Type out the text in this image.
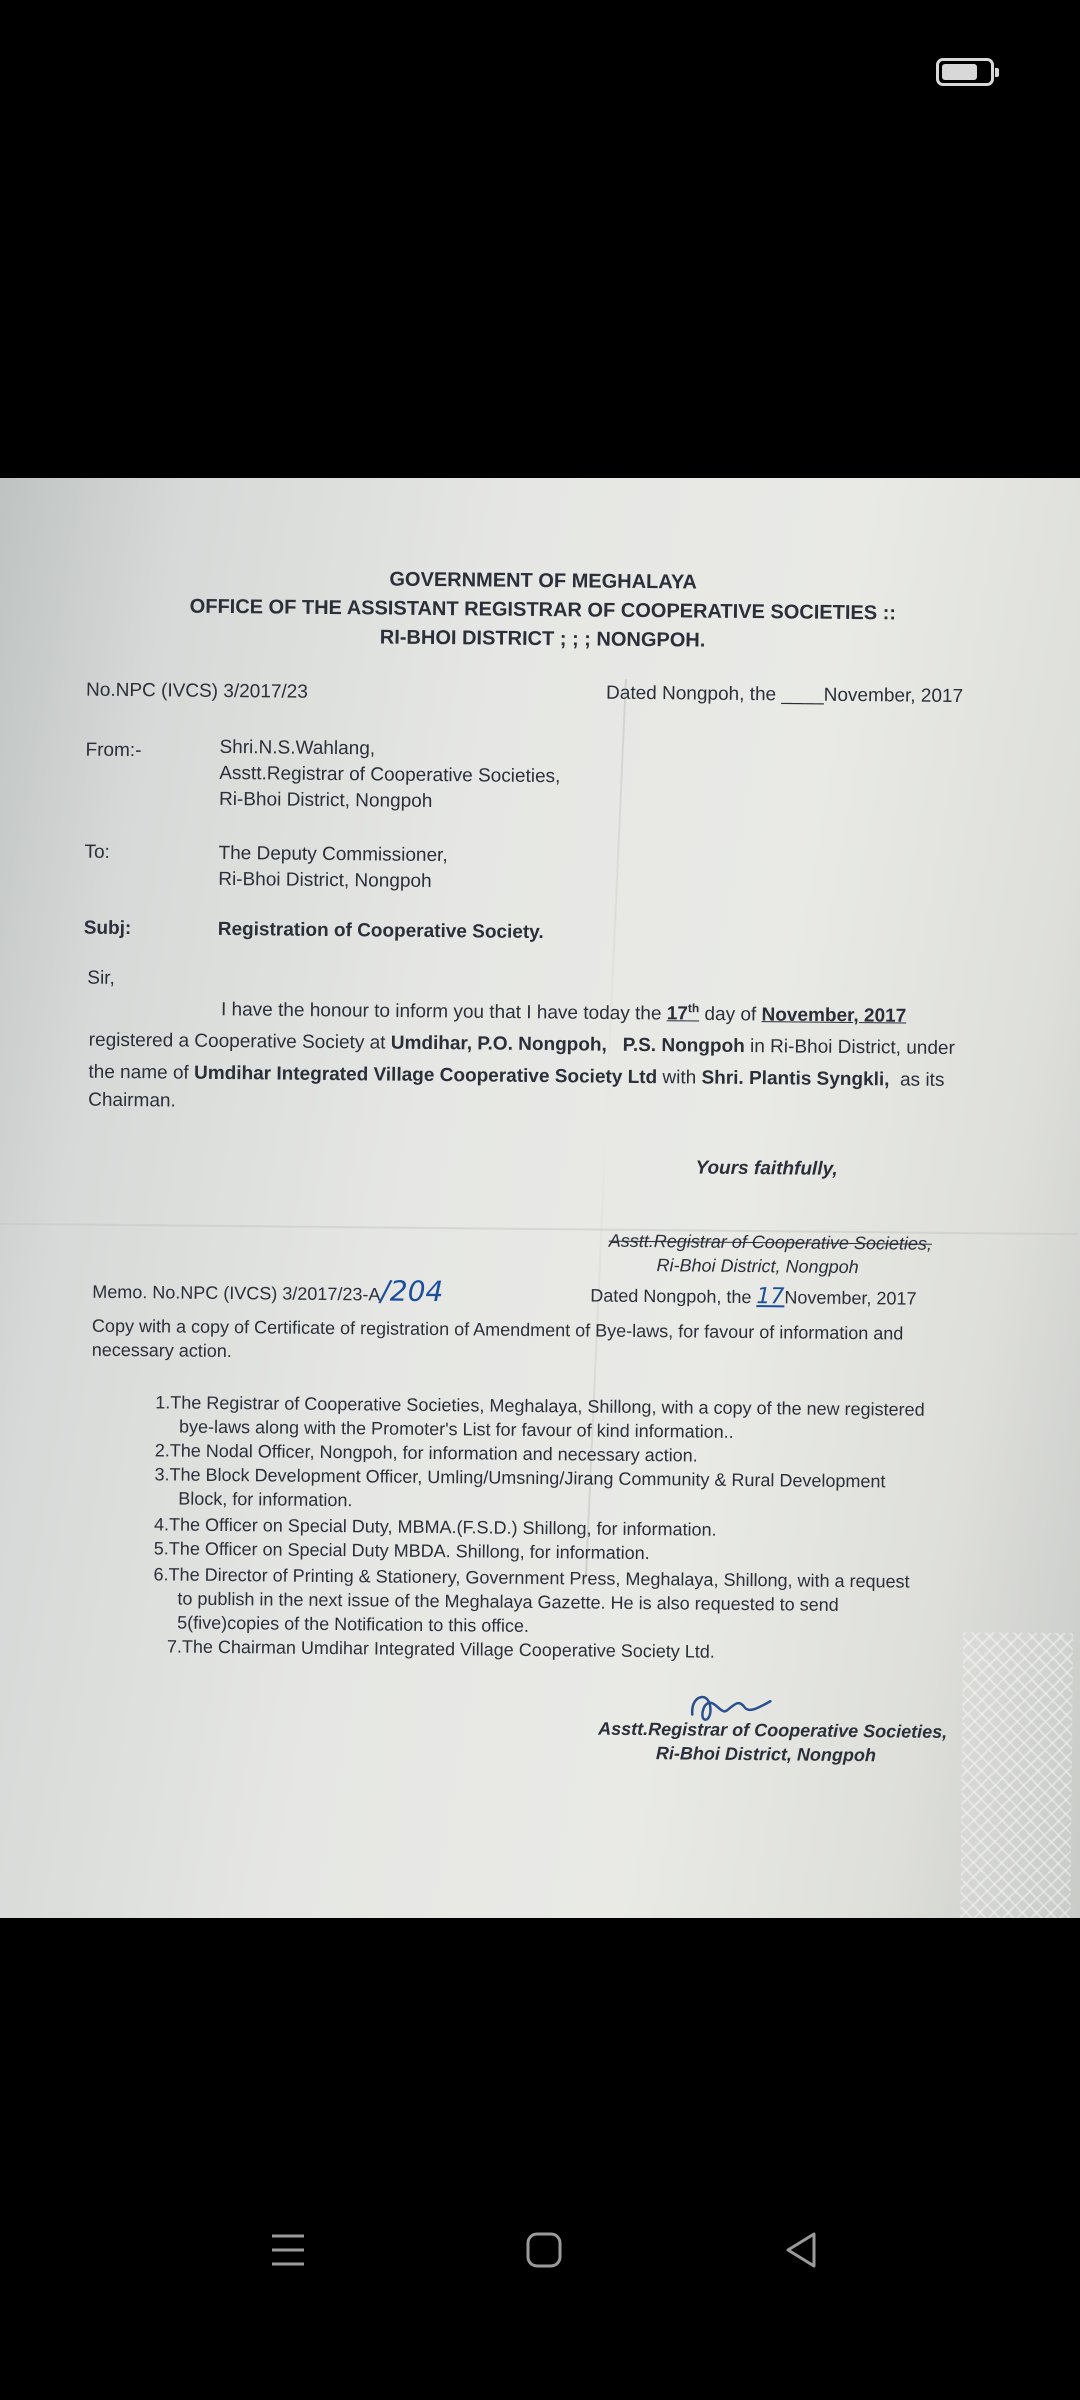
GOVERNMENT OF MEGHALAYA

OFFICE OF THE ASSISTANT REGISTRAR OF COOPERATIVE SOCIETIES ::

RI-BHOI DISTRICT ; ; ; NONGPOH.

No.NPC (IVCS) 3/2017/23	Dated Nongpoh, the ____November, 2017

From:-	Shri.N.S.Wahlang,

Asstt.Registrar of Cooperative Societies,

Ri-Bhoi District, Nongpoh

To:	The Deputy Commissioner,

Ri-Bhoi District, Nongpoh

Subj:	Registration of Cooperative Society.

Sir,

I have the honour to inform you that I have today the 17th day of November, 2017

registered a Cooperative Society at Umdihar, P.O. Nongpoh, P.S. Nongpoh in Ri-Bhoi District, under

the name of Umdihar Integrated Village Cooperative Society Ltd with Shri. Plantis Syngkli, as its

Chairman.

Yours faithfully,

Asstt.Registrar of Cooperative Societies,

Ri-Bhoi District, Nongpoh

Memo. No.NPC (IVCS) 3/2017/23-A/204	Dated Nongpoh, the 17November, 2017

Copy with a copy of Certificate of registration of Amendment of Bye-laws, for favour of information and

necessary action.

1.The Registrar of Cooperative Societies, Meghalaya, Shillong, with a copy of the new registered

bye-laws along with the Promoter's List for favour of kind information..

2.The Nodal Officer, Nongpoh, for information and necessary action.

3.The Block Development Officer, Umling/Umsning/Jirang Community & Rural Development

Block, for information.

4.The Officer on Special Duty, MBMA.(F.S.D.) Shillong, for information.

5.The Officer on Special Duty MBDA. Shillong, for information.

6.The Director of Printing & Stationery, Government Press, Meghalaya, Shillong, with a request

to publish in the next issue of the Meghalaya Gazette. He is also requested to send

5(five)copies of the Notification to this office.

7.The Chairman Umdihar Integrated Village Cooperative Society Ltd.

Asstt.Registrar of Cooperative Societies,

Ri-Bhoi District, Nongpoh
